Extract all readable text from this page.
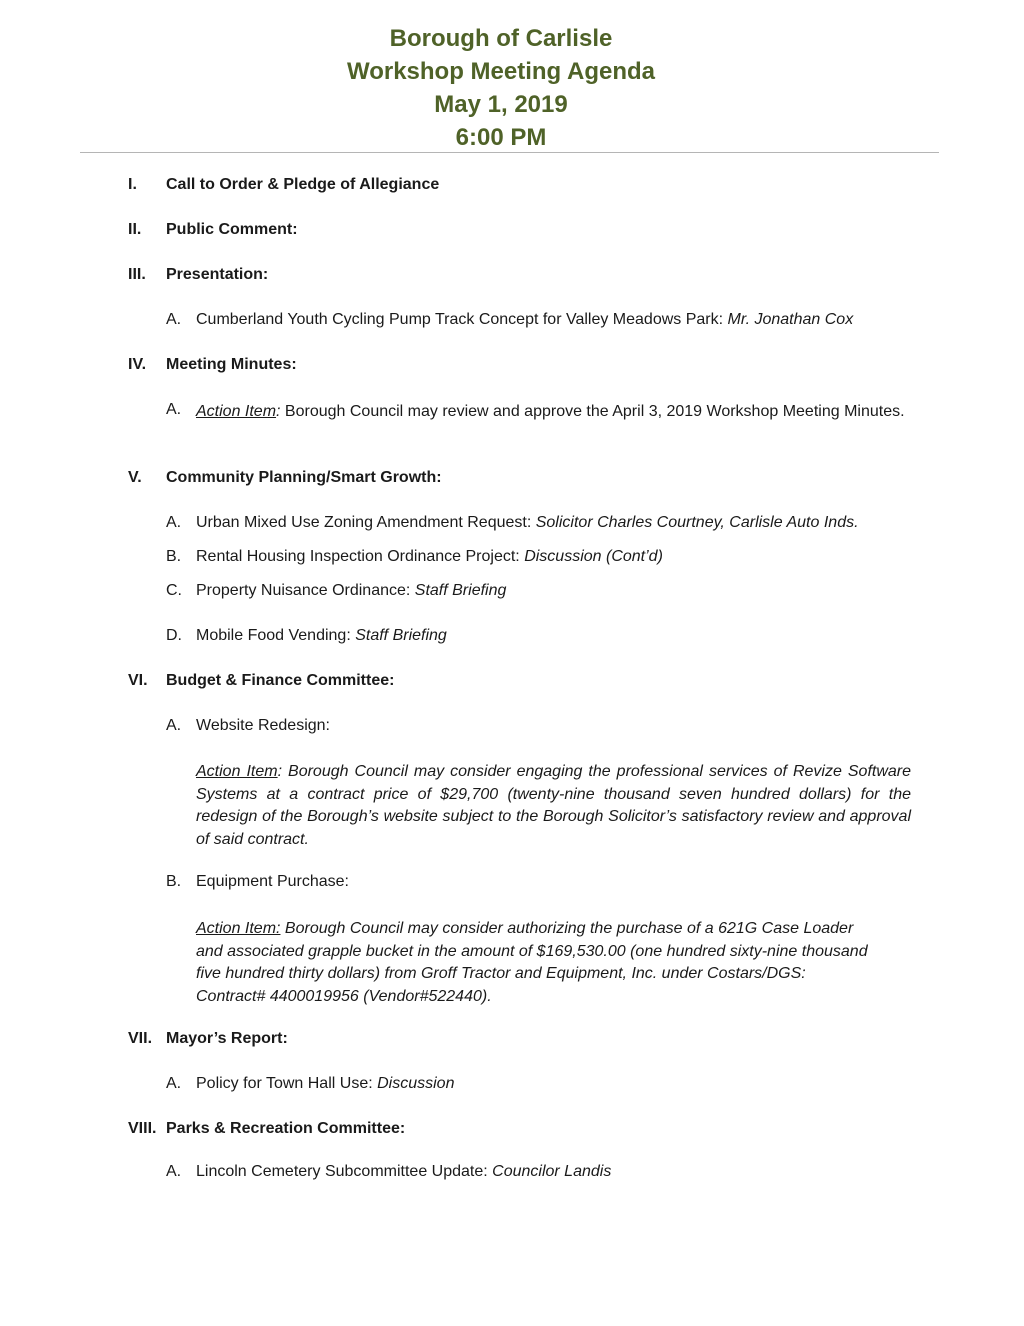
Borough of Carlisle
Workshop Meeting Agenda
May 1, 2019
6:00 PM
I. Call to Order & Pledge of Allegiance
II. Public Comment:
III. Presentation:
A. Cumberland Youth Cycling Pump Track Concept for Valley Meadows Park: Mr. Jonathan Cox
IV. Meeting Minutes:
A. Action Item: Borough Council may review and approve the April 3, 2019 Workshop Meeting Minutes.
V. Community Planning/Smart Growth:
A. Urban Mixed Use Zoning Amendment Request: Solicitor Charles Courtney, Carlisle Auto Inds.
B. Rental Housing Inspection Ordinance Project: Discussion (Cont’d)
C. Property Nuisance Ordinance: Staff Briefing
D. Mobile Food Vending: Staff Briefing
VI. Budget & Finance Committee:
A. Website Redesign:
Action Item: Borough Council may consider engaging the professional services of Revize Software Systems at a contract price of $29,700 (twenty-nine thousand seven hundred dollars) for the redesign of the Borough’s website subject to the Borough Solicitor’s satisfactory review and approval of said contract.
B. Equipment Purchase:
Action Item: Borough Council may consider authorizing the purchase of a 621G Case Loader
and associated grapple bucket in the amount of $169,530.00 (one hundred sixty-nine thousand
five hundred thirty dollars) from Groff Tractor and Equipment, Inc. under Costars/DGS:
Contract# 4400019956 (Vendor#522440).
VII. Mayor’s Report:
A. Policy for Town Hall Use: Discussion
VIII. Parks & Recreation Committee:
A. Lincoln Cemetery Subcommittee Update: Councilor Landis
